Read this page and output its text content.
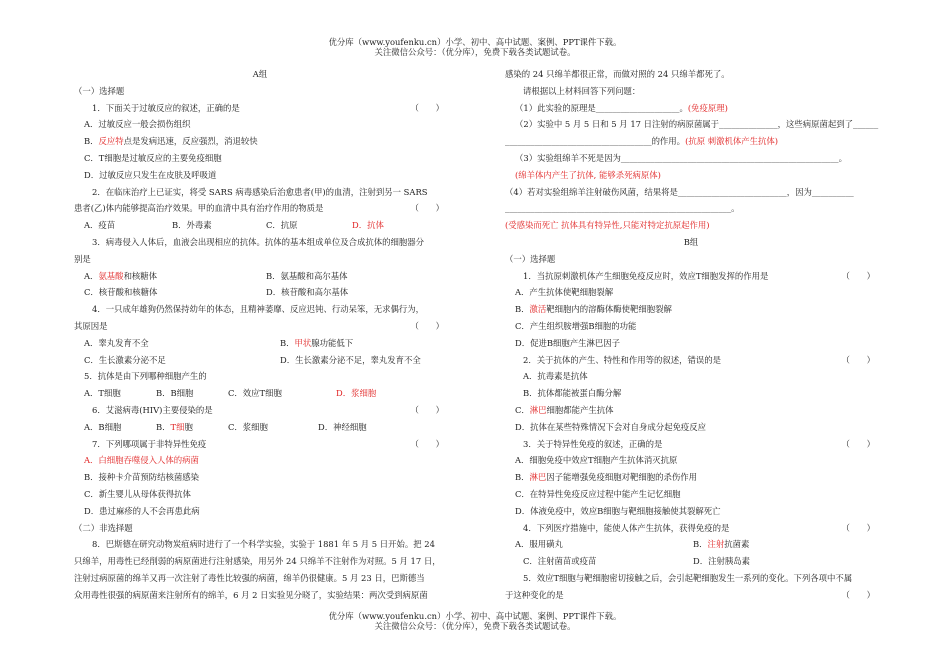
优分库（www.youfenku.cn）小学、初中、高中试题、案例、PPT课件下载。
关注微信公众号：（优分库），免费下载各类试题试卷。
A组
（一）选择题
1．下面关于过敏反应的叙述，正确的是	（　　）
A．过敏反应一般会损伤组织
B．反应特点是发病迅速，反应强烈，消退较快
C．T细胞是过敏反应的主要免疫细胞
D．过敏反应只发生在皮肤及呼吸道
2．在临床治疗上已证实，将受 SARS 病毒感染后治愈患者(甲)的血清，注射到另一 SARS
患者(乙)体内能够提高治疗效果。甲的血清中具有治疗作用的物质是	（　　）
A．疫苗	B．外毒素	C．抗原	D．抗体
3．病毒侵入人体后，血液会出现相应的抗体。抗体的基本组成单位及合成抗体的细胞器分
别是
A．氨基酸和核糖体	B．氨基酸和高尔基体
C．核苷酸和核糖体	D．核苷酸和高尔基体
4．一只成年雄狗仍然保持幼年的体态，且精神萎靡、反应迟钝、行动呆笨，无求偶行为，
其原因是	（　　）
A．睾丸发育不全	B．甲状腺功能低下
C．生长激素分泌不足	D．生长激素分泌不足，睾丸发育不全
5．抗体是由下列哪种细胞产生的
A．T细胞	B．B细胞	C．效应T细胞	D．浆细胞
6．艾滋病毒(HIV)主要侵染的是	（　　）
A．B细胞	B．T细胞	C．浆细胞	D．神经细胞
7．下列哪项属于非特异性免疫	（　　）
A．白细胞吞噬侵入人体的病菌
B．接种卡介苗预防结核菌感染
C．新生婴儿从母体获得抗体
D．患过麻疹的人不会再患此病
（二）非选择题
8．巴斯德在研究动物炭疽病时进行了一个科学实验，实验于 1881 年 5 月 5 日开始。把 24
只绵羊，用毒性已经削弱的病原菌进行注射感染，用另外 24 只绵羊不注射作为对照。5 月 17 日，
注射过病原菌的绵羊又再一次注射了毒性比较强的病菌，绵羊仍很健康。5 月 23 日，巴斯德当
众用毒性很强的病原菌来注射所有的绵羊，6 月 2 日实验见分晓了，实验结果：两次受到病原菌
感染的 24 只绵羊都很正常，而做对照的 24 只绵羊都死了。
请根据以上材料回答下列问题：
（1）此实验的原理是____________________。(免疫原理)
（2）实验中 5 月 5 日和 5 月 17 日注射的病原菌属于______________，这些病原菌起到了______
___________________________________的作用。(抗原 刺激机体产生抗体)
（3）实验组绵羊不死是因为____________________________________________________。
(绵羊体内产生了抗体, 能够杀死病原体)
（4）若对实验组绵羊注射破伤风菌，结果将是__________________________，因为__________
______________________________________________________。
(受感染而死亡 抗体具有特异性,只能对特定抗原起作用)
B组
（一）选择题
1．当抗原刺激机体产生细胞免疫反应时，效应T细胞发挥的作用是	（　　）
A．产生抗体使靶细胞裂解
B．激活靶细胞内的溶酶体酶使靶细胞裂解
C．产生组织胺增强B细胞的功能
D．促进B细胞产生淋巴因子
2．关于抗体的产生、特性和作用等的叙述，错误的是	（　　）
A．抗毒素是抗体
B．抗体都能被蛋白酶分解
C．淋巴细胞都能产生抗体
D．抗体在某些特殊情况下会对自身成分起免疫反应
3．关于特异性免疫的叙述，正确的是	（　　）
A．细胞免疫中效应T细胞产生抗体消灭抗原
B．淋巴因子能增强免疫细胞对靶细胞的杀伤作用
C．在特异性免疫反应过程中能产生记忆细胞
D．体液免疫中，效应B细胞与靶细胞接触使其裂解死亡
4．下列医疗措施中，能使人体产生抗体，获得免疫的是	（　　）
A．服用磺丸	B．注射抗菌素
C．注射菌苗或疫苗	D．注射胰岛素
5．效应T细胞与靶细胞密切接触之后，会引起靶细胞发生一系列的变化。下列各项中不属
于这种变化的是	（　　）
优分库（www.youfenku.cn）小学、初中、高中试题、案例、PPT课件下载。
关注微信公众号：（优分库），免费下载各类试题试卷。
